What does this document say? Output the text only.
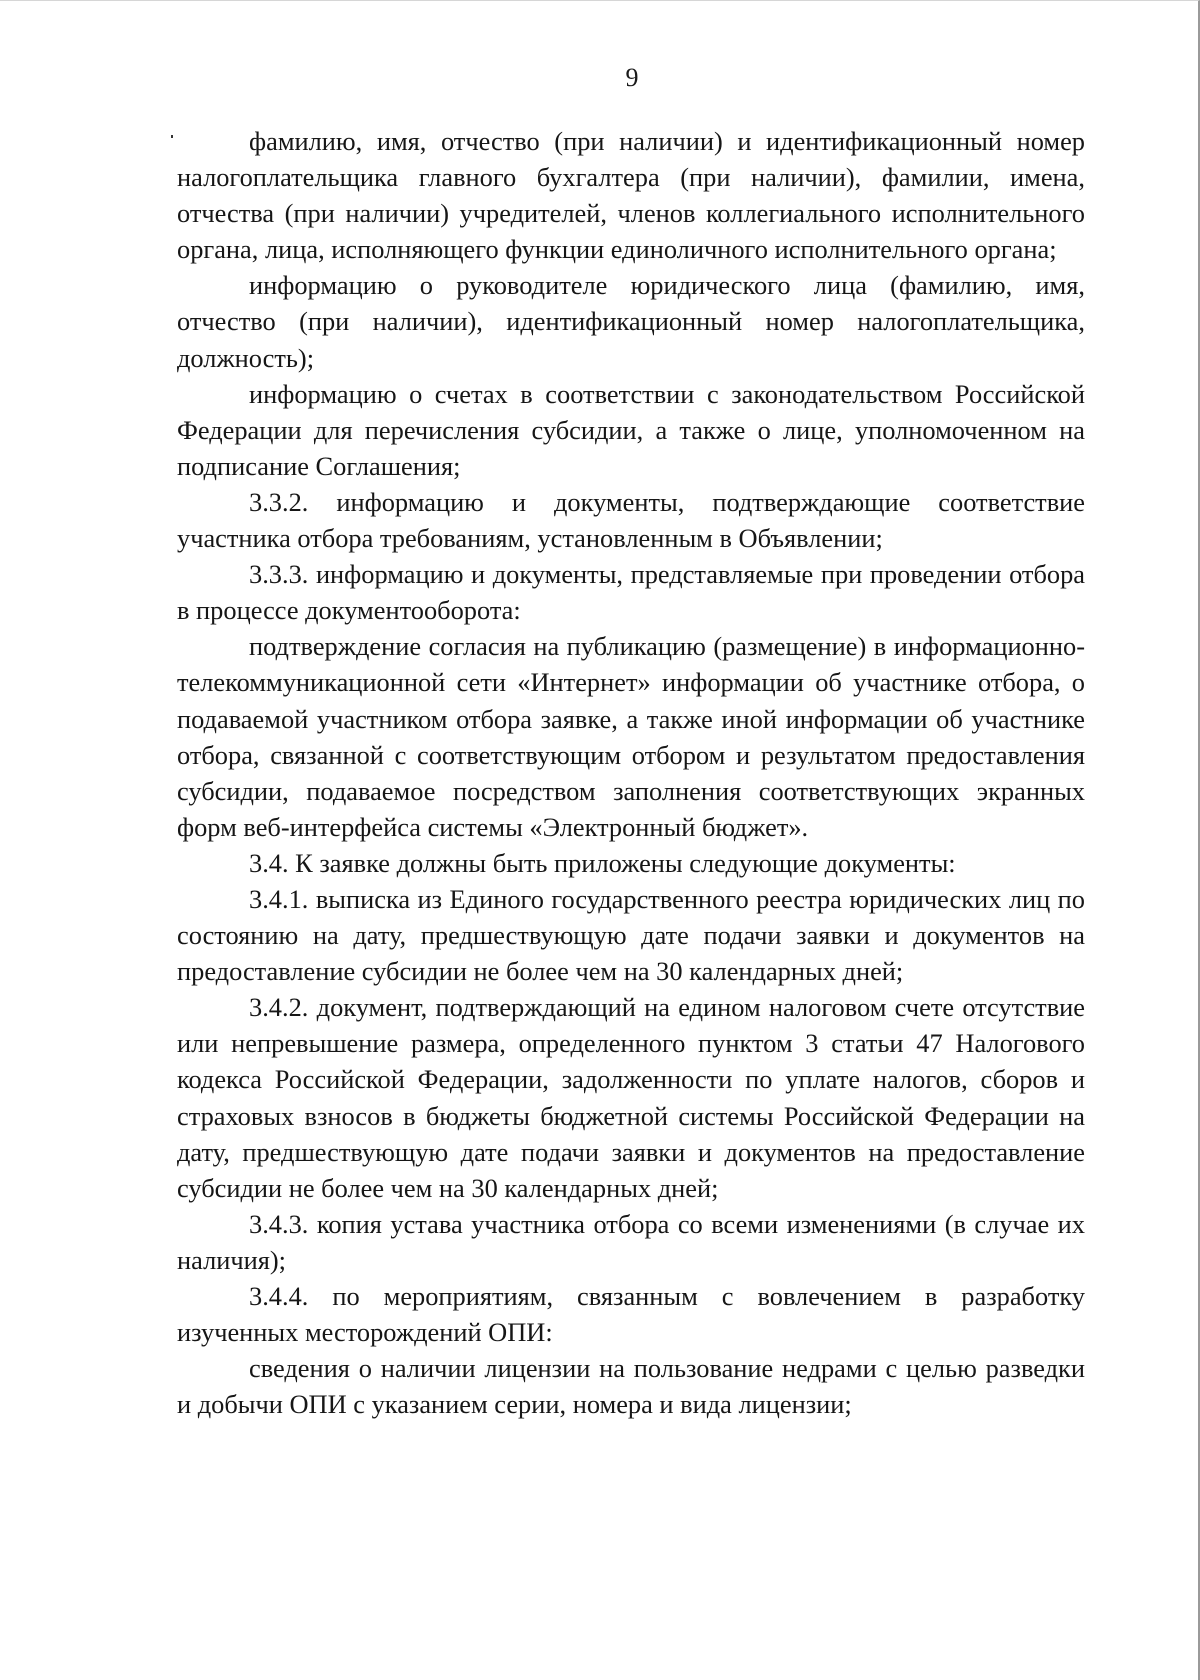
9

фамилию, имя, отчество (при наличии) и идентификационный номер налогоплательщика главного бухгалтера (при наличии), фамилии, имена, отчества (при наличии) учредителей, членов коллегиального исполнительного органа, лица, исполняющего функции единоличного исполнительного органа;

информацию о руководителе юридического лица (фамилию, имя, отчество (при наличии), идентификационный номер налогоплательщика, должность);

информацию о счетах в соответствии с законодательством Российской Федерации для перечисления субсидии, а также о лице, уполномоченном на подписание Соглашения;

3.3.2. информацию и документы, подтверждающие соответствие участника отбора требованиям, установленным в Объявлении;

3.3.3. информацию и документы, представляемые при проведении отбора в процессе документооборота:

подтверждение согласия на публикацию (размещение) в информационно-телекоммуникационной сети «Интернет» информации об участнике отбора, о подаваемой участником отбора заявке, а также иной информации об участнике отбора, связанной с соответствующим отбором и результатом предоставления субсидии, подаваемое посредством заполнения соответствующих экранных форм веб-интерфейса системы «Электронный бюджет».

3.4. К заявке должны быть приложены следующие документы:

3.4.1. выписка из Единого государственного реестра юридических лиц по состоянию на дату, предшествующую дате подачи заявки и документов на предоставление субсидии не более чем на 30 календарных дней;

3.4.2. документ, подтверждающий на едином налоговом счете отсутствие или непревышение размера, определенного пунктом 3 статьи 47 Налогового кодекса Российской Федерации, задолженности по уплате налогов, сборов и страховых взносов в бюджеты бюджетной системы Российской Федерации на дату, предшествующую дате подачи заявки и документов на предоставление субсидии не более чем на 30 календарных дней;

3.4.3. копия устава участника отбора со всеми изменениями (в случае их наличия);

3.4.4. по мероприятиям, связанным с вовлечением в разработку изученных месторождений ОПИ:

сведения о наличии лицензии на пользование недрами с целью разведки и добычи ОПИ с указанием серии, номера и вида лицензии;
